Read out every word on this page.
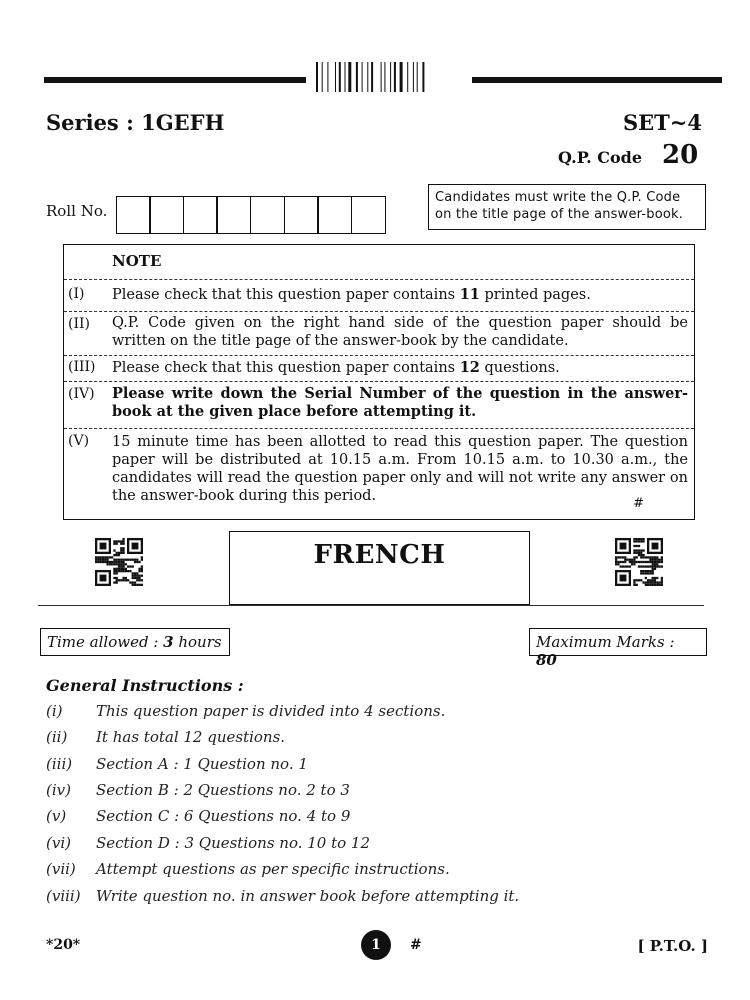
Series : 1GEFH	SET~4
Q.P. Code 20
Roll No.
Candidates must write the Q.P. Code on the title page of the answer-book.
NOTE
(I) Please check that this question paper contains 11 printed pages.
(II) Q.P. Code given on the right hand side of the question paper should be written on the title page of the answer-book by the candidate.
(III) Please check that this question paper contains 12 questions.
(IV) Please write down the Serial Number of the question in the answer-book at the given place before attempting it.
(V) 15 minute time has been allotted to read this question paper. The question paper will be distributed at 10.15 a.m. From 10.15 a.m. to 10.30 a.m., the candidates will read the question paper only and will not write any answer on the answer-book during this period.	#
FRENCH
Time allowed : 3 hours	Maximum Marks : 80
General Instructions :
(i) This question paper is divided into 4 sections.
(ii) It has total 12 questions.
(iii) Section A : 1 Question no. 1
(iv) Section B : 2 Questions no. 2 to 3
(v) Section C : 6 Questions no. 4 to 9
(vi) Section D : 3 Questions no. 10 to 12
(vii) Attempt questions as per specific instructions.
(viii) Write question no. in answer book before attempting it.
*20*	1	#	[ P.T.O. ]
